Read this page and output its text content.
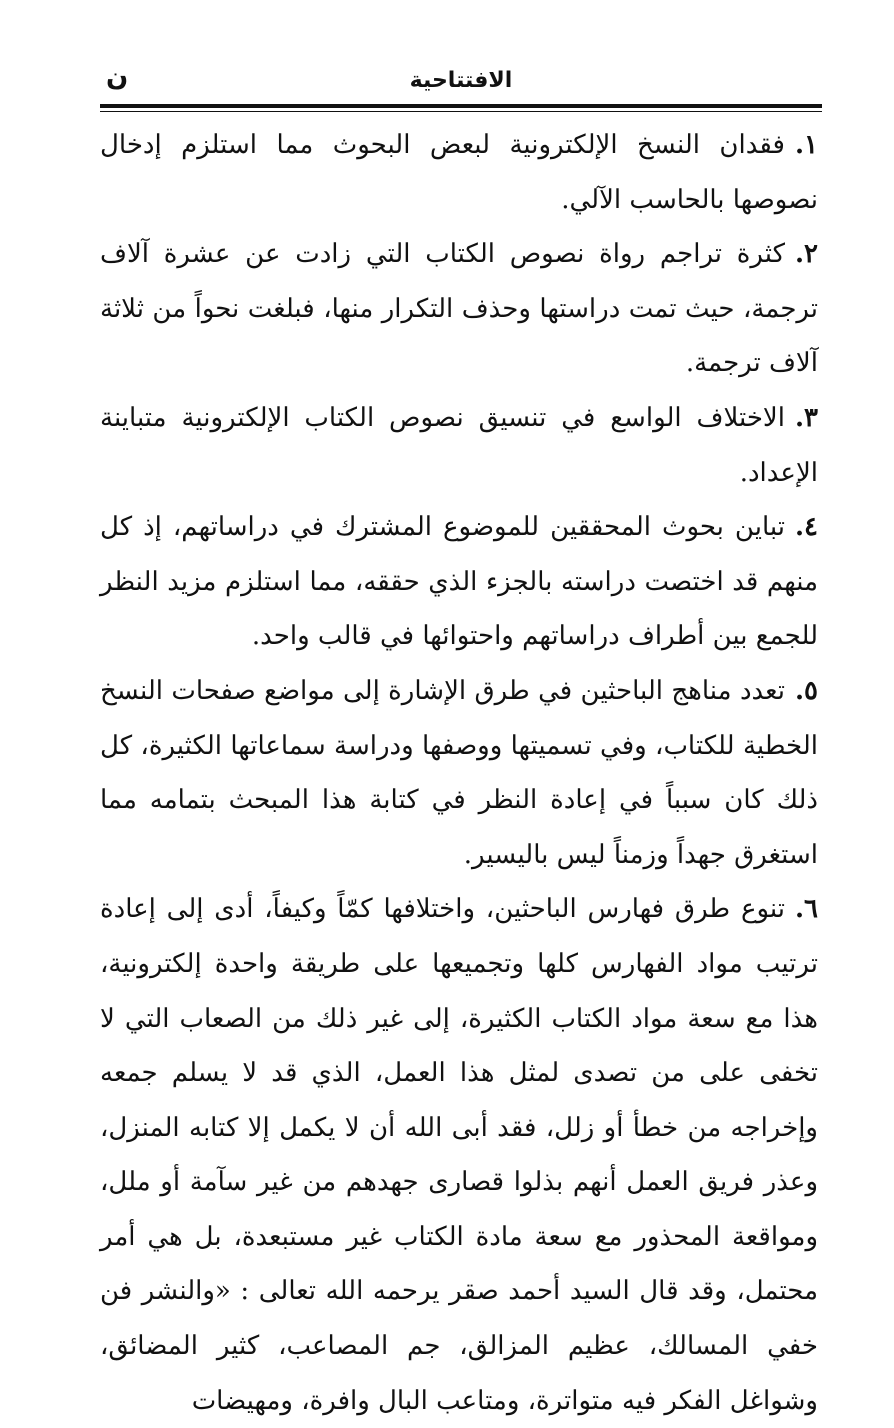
الافتتاحية
ن

١.فقدان النسخ الإلكترونية لبعض البحوث مما استلزم إدخال نصوصها بالحاسب الآلي.

٢.كثرة تراجم رواة نصوص الكتاب التي زادت عن عشرة آلاف ترجمة، حيث تمت دراستها وحذف التكرار منها، فبلغت نحواً من ثلاثة آلاف ترجمة.

٣.الاختلاف الواسع في تنسيق نصوص الكتاب الإلكترونية متباينة الإعداد.

٤.تباين بحوث المحققين للموضوع المشترك في دراساتهم، إذ كل منهم قد اختصت دراسته بالجزء الذي حققه، مما استلزم مزيد النظر للجمع بين أطراف دراساتهم واحتوائها في قالب واحد.

٥.تعدد مناهج الباحثين في طرق الإشارة إلى مواضع صفحات النسخ الخطية للكتاب، وفي تسميتها ووصفها ودراسة سماعاتها الكثيرة، كل ذلك كان سبباً في إعادة النظر في كتابة هذا المبحث بتمامه مما استغرق جهداً وزمناً ليس باليسير.

٦.تنوع طرق فهارس الباحثين، واختلافها كمّاً وكيفاً، أدى إلى إعادة ترتيب مواد الفهارس كلها وتجميعها على طريقة واحدة إلكترونية، هذا مع سعة مواد الكتاب الكثيرة، إلى غير ذلك من الصعاب التي لا تخفى على من تصدى لمثل هذا العمل، الذي قد لا يسلم جمعه وإخراجه من خطأ أو زلل، فقد أبى الله أن لا يكمل إلا كتابه المنزل، وعذر فريق العمل أنهم بذلوا قصارى جهدهم من غير سآمة أو ملل، ومواقعة المحذور مع سعة مادة الكتاب غير مستبعدة، بل هي أمر محتمل، وقد قال السيد أحمد صقر يرحمه الله تعالى : «والنشر فن خفي المسالك، عظيم المزالق، جم المصاعب، كثير المضائق، وشواغل الفكر فيه متواترة، ومتاعب البال وافرة، ومهيضات
